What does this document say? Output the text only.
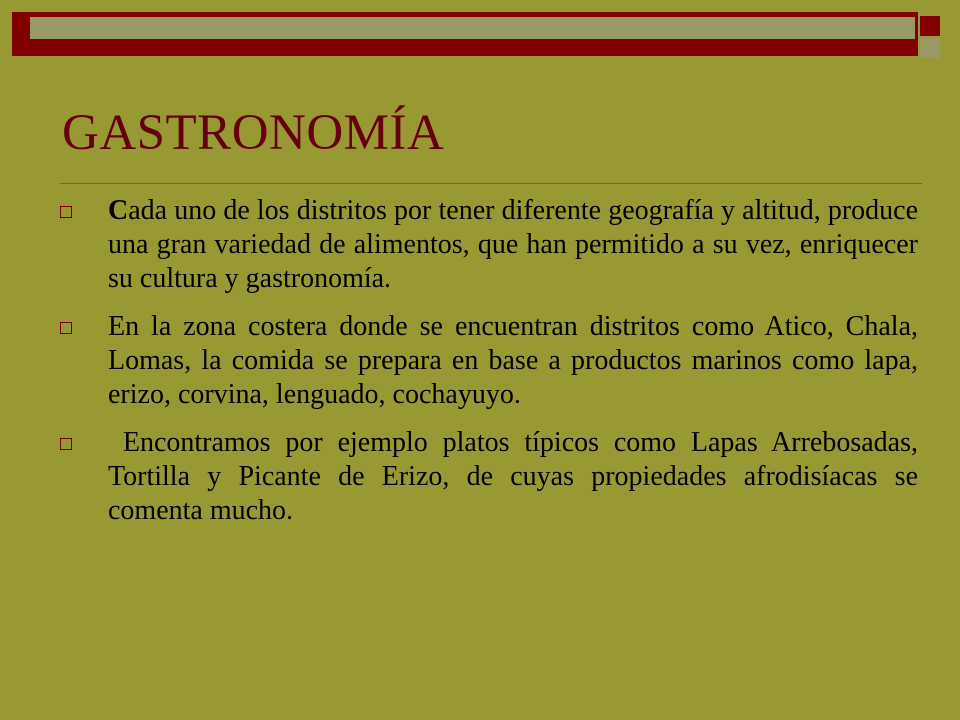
GASTRONOMÍA
Cada uno de los distritos por tener diferente geografía y altitud, produce una gran variedad de alimentos, que han permitido a su vez, enriquecer su cultura y gastronomía.
En la zona costera donde se encuentran distritos como Atico, Chala, Lomas, la comida se prepara en base a productos marinos como lapa, erizo, corvina, lenguado, cochayuyo.
Encontramos por ejemplo platos típicos como Lapas Arrebosadas, Tortilla y Picante de Erizo, de cuyas propiedades afrodisíacas se comenta mucho.
